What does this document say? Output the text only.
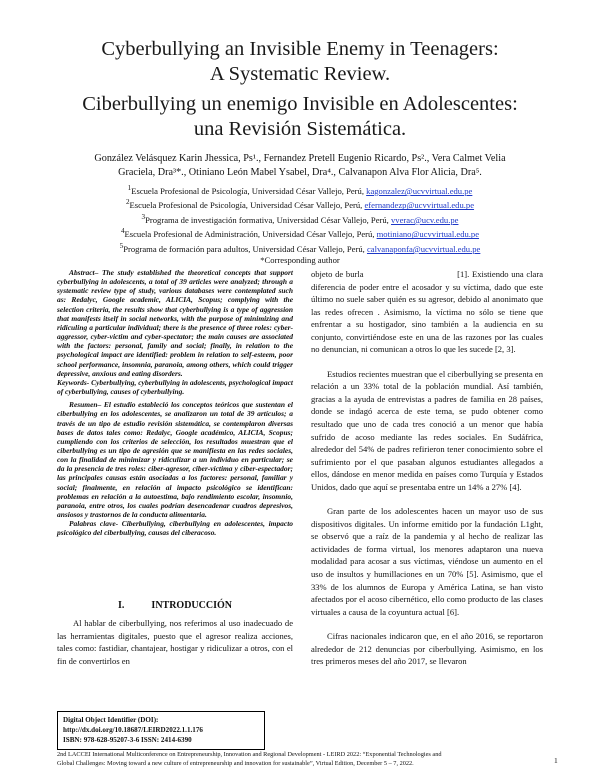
Cyberbullying an Invisible Enemy in Teenagers:
A Systematic Review.
Ciberbullying un enemigo Invisible en Adolescentes:
una Revisión Sistemática.
González Velásquez Karin Jhessica, Ps¹., Fernandez Pretell Eugenio Ricardo, Ps²., Vera Calmet Velia
Graciela, Dra³*., Otiniano León Mabel Ysabel, Dra⁴., Calvanapon Alva Flor Alicia, Dra⁵.
$^1$Escuela Profesional de Psicología, Universidad César Vallejo, Perú, kagonzalez@ucvvirtual.edu.pe
$^2$Escuela Profesional de Psicología, Universidad César Vallejo, Perú, efernandezp@ucvvirtual.edu.pe
$^3$Programa de investigación formativa, Universidad César Vallejo, Perú, vverac@ucv.edu.pe
$^4$Escuela Profesional de Administración, Universidad César Vallejo, Perú, motiniano@ucvvirtual.edu.pe
$^5$Programa de formación para adultos, Universidad César Vallejo, Perú, calvanaponfa@ucvvirtual.edu.pe
*Corresponding author

Abstract– The study established the theoretical concepts that support cyberbullying in adolescents, a total of 39 articles were analyzed; through a systematic review type of study, various databases were contemplated such as: Redalyc, Google academic, ALICIA, Scopus; complying with the selection criteria, the results show that cyberbullying is a type of aggression that manifests itself in social networks, with the purpose of minimizing and ridiculing a particular individual; there is the presence of three roles: cyber-aggressor, cyber-victim and cyber-spectator; the main causes are associated with the factors: personal, family and social; finally, in relation to the psychological impact are identified: problem in relation to self-esteem, poor school performance, insomnia, paranoia, among others, which could trigger depressive, anxious and eating disorders.

Keywords- Cyberbullying, cyberbullying in adolescents, psychological impact of cyberbullying, causes of cyberbullying.

Resumen– El estudio estableció los conceptos teóricos que sustentan el ciberbullying en los adolescentes, se analizaron un total de 39 artículos; a través de un tipo de estudio revisión sistemática, se contemplaron diversas bases de datos tales como: Redalyc, Google académico, ALICIA, Scopus; cumpliendo con los criterios de selección, los resultados muestran que el ciberbullying es un tipo de agresión que se manifiesta en las redes sociales, con la finalidad de minimizar y ridiculizar a un individuo en particular; se da la presencia de tres roles: ciber-agresor, ciber-víctima y ciber-espectador; las principales causas están asociadas a los factores: personal, familiar y social; finalmente, en relación al impacto psicológico se identifican: problemas en relación a la autoestima, bajo rendimiento escolar, insomnio, paranoia, entre otros, los cuales podrían desencadenar cuadros depresivos, ansiosos y trastornos de la conducta alimentaria.

Palabras clave- Ciberbullying, ciberbullying en adolescentes, impacto psicológico del ciberbullying, causas del ciberacoso.

I.	INTRODUCCIÓN

Al hablar de ciberbullying, nos referimos al uso inadecuado de las herramientas digitales, puesto que el agresor realiza acciones, tales como: fastidiar, chantajear, hostigar y ridiculizar a otros, con el fin de convertirlos en

Digital Object Identifier (DOI):
http://dx.doi.org/10.18687/LEIRD2022.1.1.176
ISBN: 978-628-95207-3-6 ISSN: 2414-6390

objeto de burla                                  [1]. Existiendo una clara diferencia de poder entre el acosador y su víctima, dado que este último no suele saber quién es su agresor, debido al anonimato que las redes ofrecen . Asimismo, la víctima no sólo se tiene que enfrentar a su hostigador, sino también a la audiencia en su conjunto, convirtiéndose este en una de las razones por las cuales no denuncian, ni comunican a otros lo que les sucede [2, 3].

Estudios recientes muestran que el ciberbullying se presenta en relación a un 33% total de la población mundial. Así también, gracias a la ayuda de entrevistas a padres de familia en 28 países, donde se indagó acerca de este tema, se pudo obtener como resultado que uno de cada tres conoció a un menor que había sufrido de acoso mediante las redes sociales. En Sudáfrica, alrededor del 54% de padres refirieron tener conocimiento sobre el sufrimiento por el que pasaban algunos estudiantes allegados a ellos, dándose en menor medida en países como Turquía y Estados Unidos, dado que aquí se presentaba entre un 14% a 27% [4].

Gran parte de los adolescentes hacen un mayor uso de sus dispositivos digitales. Un informe emitido por la fundación L1ght, se observó que a raíz de la pandemia y al hecho de realizar las actividades de forma virtual, los menores adaptaron una nueva modalidad para acosar a sus víctimas, viéndose un aumento en el uso de insultos y humillaciones en un 70% [5]. Asimismo, que el 33% de los alumnos de Europa y América Latina, se han visto afectados por el acoso cibernético, ello como producto de las clases virtuales a causa de la coyuntura actual [6].

Cifras nacionales indicaron que, en el año 2016, se reportaron alrededor de 212 denuncias por ciberbullying. Asimismo, en los tres primeros meses del año 2017, se llevaron

2nd LACCEI International Multiconference on Entrepreneurship, Innovation and Regional Development - LEIRD 2022: “Exponential Technologies and
Global Challenges: Moving toward a new culture of entrepreneurship and innovation for sustainable”, Virtual Edition, December 5 – 7, 2022.	1
